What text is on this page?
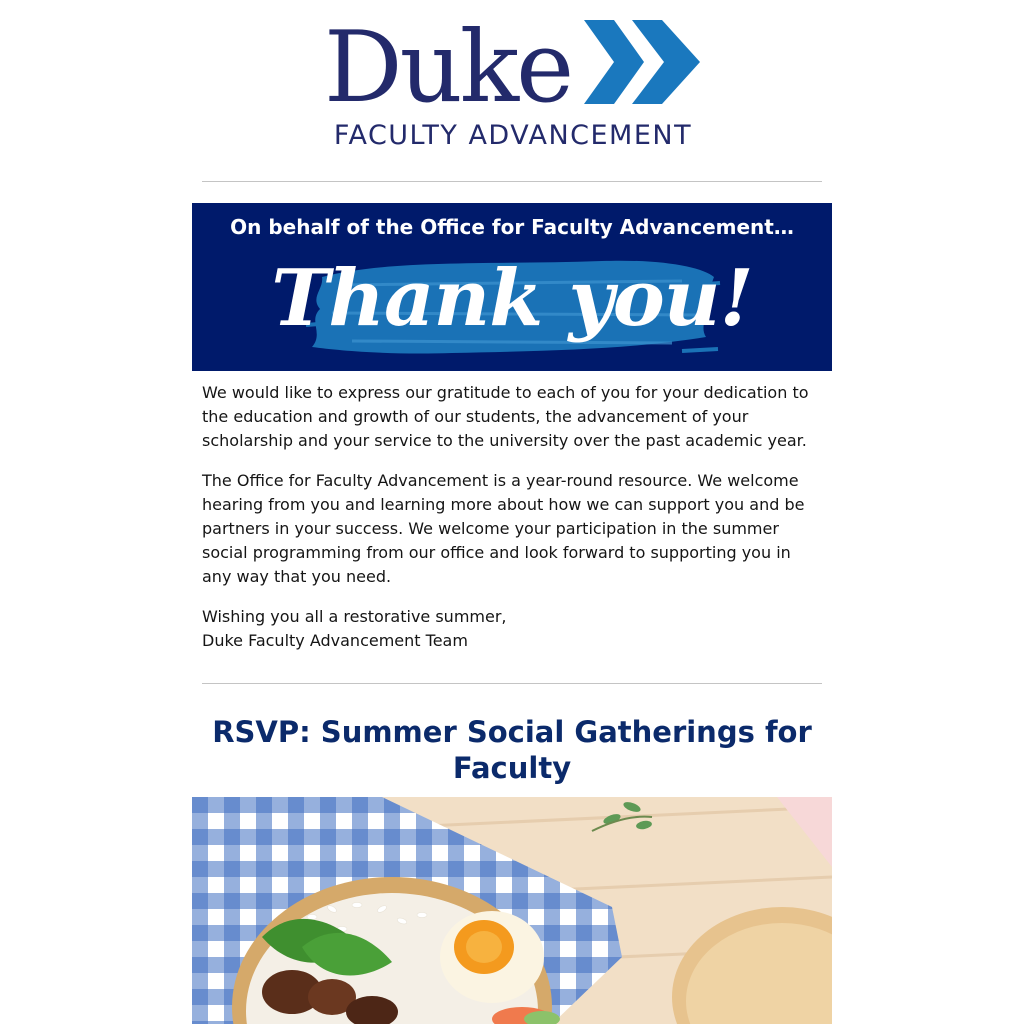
Duke
FACULTY ADVANCEMENT
On behalf of the Office for Faculty Advancement…
Thank you!

We would like to express our gratitude to each of you for your dedication to the education and growth of our students, the advancement of your scholarship and your service to the university over the past academic year.

The Office for Faculty Advancement is a year-round resource. We welcome hearing from you and learning more about how we can support you and be partners in your success. We welcome your participation in the summer social programming from our office and look forward to supporting you in any way that you need.

Wishing you all a restorative summer,
Duke Faculty Advancement Team

RSVP: Summer Social Gatherings for Faculty
